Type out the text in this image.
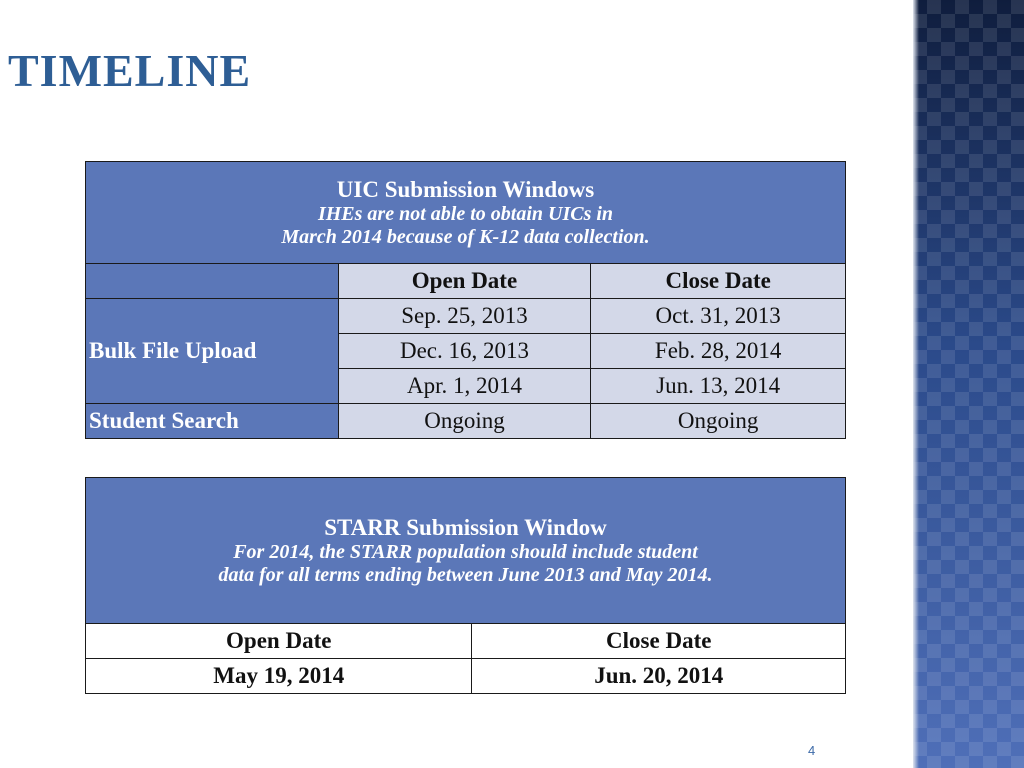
TIMELINE
UIC Submission Windows
IHEs are not able to obtain UICs in
March 2014 because of K-12 data collection.		

	Open Date	Close Date
Bulk File Upload	Sep. 25, 2013	Oct. 31, 2013
	Dec. 16, 2013	Feb. 28, 2014
	Apr. 1, 2014	Jun. 13, 2014
Student Search	Ongoing	Ongoing
STARR Submission Window
For 2014, the STARR population should include student
data for all terms ending between June 2013 and May 2014.	

Open Date	Close Date
May 19, 2014	Jun. 20, 2014
4
